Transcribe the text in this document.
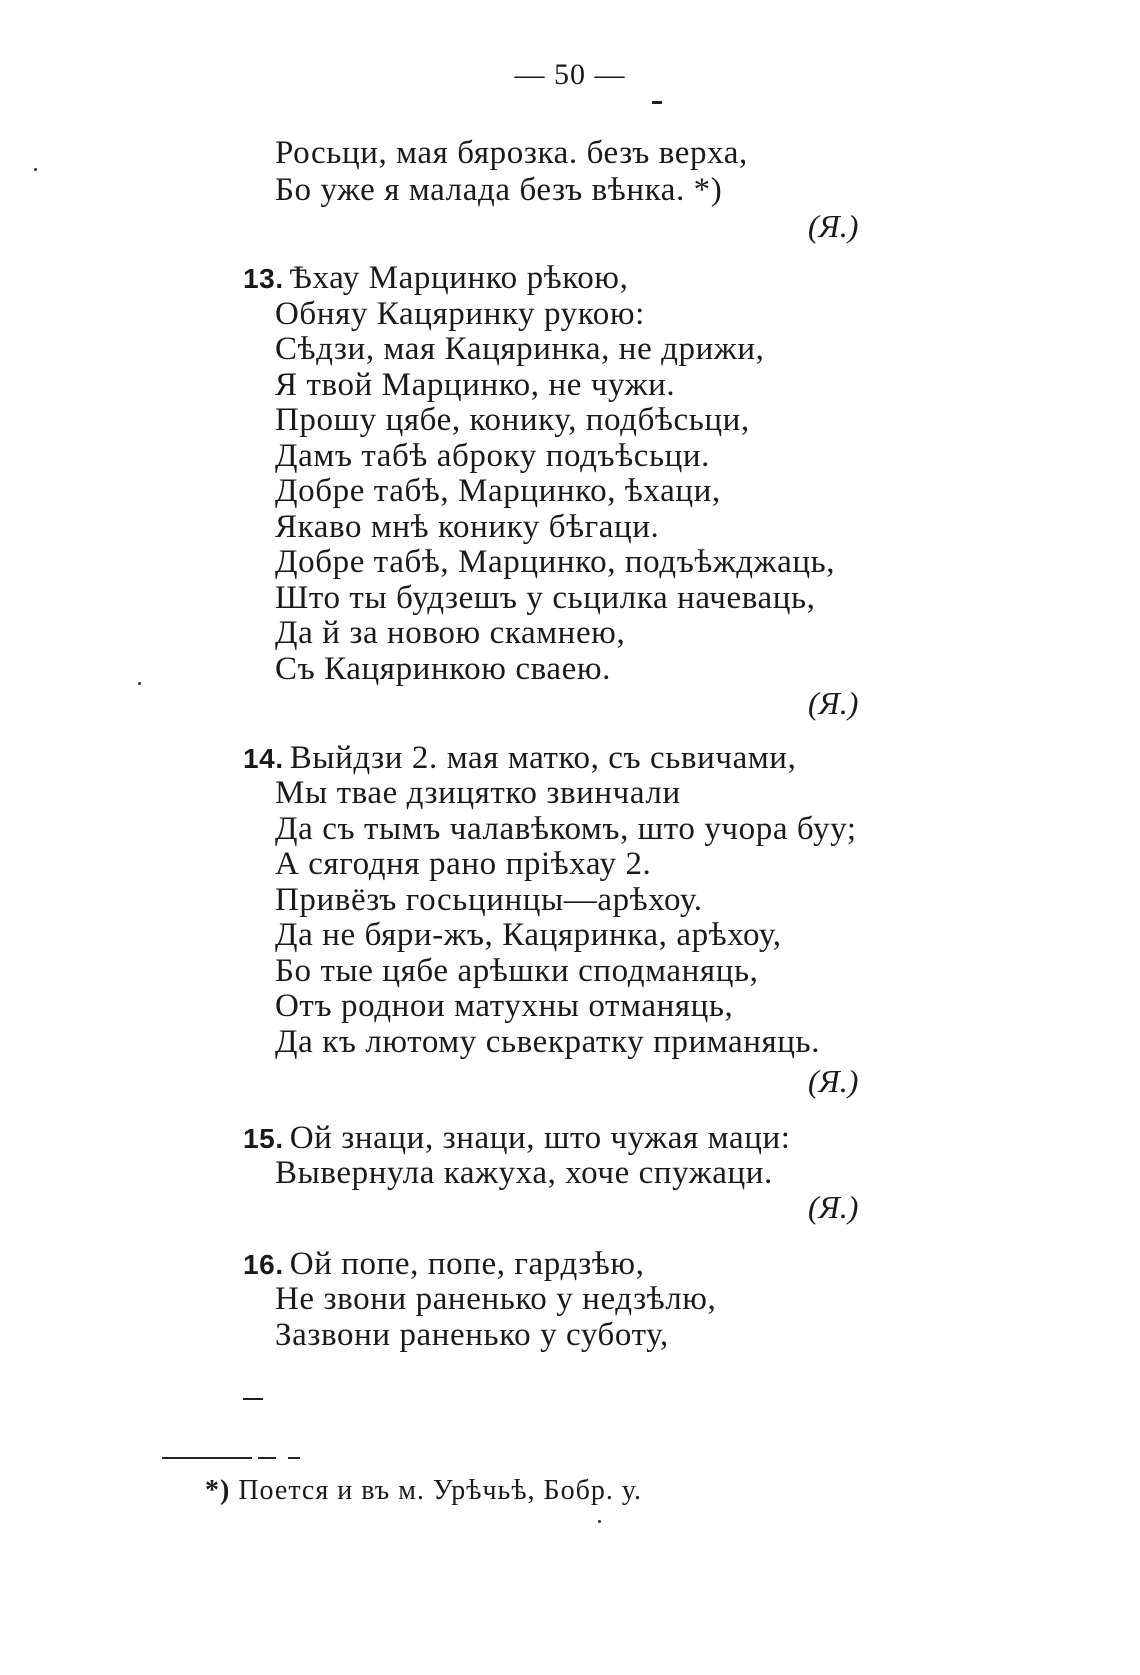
— 50 —
Росьци, мая бярозка. безъ верха,
Бо уже я малада безъ вѣнка. *)
(Я.)
13. Ѣхау Марцинко рѣкою,
Обняу Кацяринку рукою:
Сѣдзи, мая Кацяринка, не дрижи,
Я твой Марцинко, не чужи.
Прошу цябе, конику, подбѣсьци,
Дамъ табѣ аброку подъѣсьци.
Добре табѣ, Марцинко, ѣхаци,
Якаво мнѣ конику бѣгаци.
Добре табѣ, Марцинко, подъѣжджаць,
Што ты будзешъ у сьцилка начеваць,
Да й за новою скамнею,
Съ Кацяринкою сваею.
(Я.)
14. Выйдзи 2. мая матко, съ сьвичами,
Мы твае дзицятко звинчали
Да съ тымъ чалавѣкомъ, што учора буу;
А сягодня рано прiѣхау 2.
Привёзъ госьцинцы—арѣхоу.
Да не бяри-жъ, Кацяринка, арѣхоу,
Бо тые цябе арѣшки сподманяць,
Отъ роднои матухны отманяць,
Да къ лютому сьвекратку приманяць.
(Я.)
15. Ой знаци, знаци, што чужая маци:
Вывернула кажуха, хоче спужаци.
(Я.)
16. Ой попе, попе, гардзѣю,
Не звони раненько у недзѣлю,
Зазвони раненько у суботу,
*) Поется и въ м. Урѣчьѣ, Бобр. у.
